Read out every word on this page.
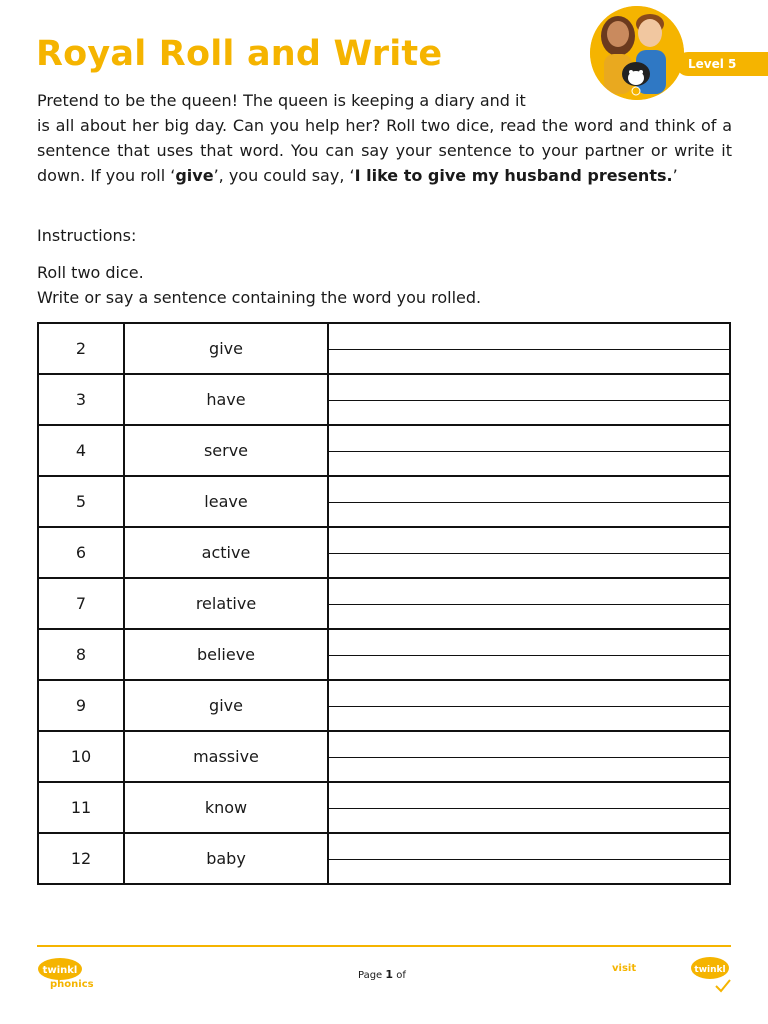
Royal Roll and Write	Level 5

Pretend to be the queen! The queen is keeping a diary and it
is all about her big day. Can you help her? Roll two dice, read the word and think of a sentence that uses that word. You can say your sentence to your partner or write it down. If you roll ‘give’, you could say, ‘I like to give my husband presents.’

Instructions:

Roll two dice.
Write or say a sentence containing the word you rolled.

2	give	

3	have	

4	serve	

5	leave	

6	active	

7	relative	

8	believe	

9	give	

10	massive	

11	know	

12	baby	
twinkl
phonics
Page 1 of
visit	twinkl
